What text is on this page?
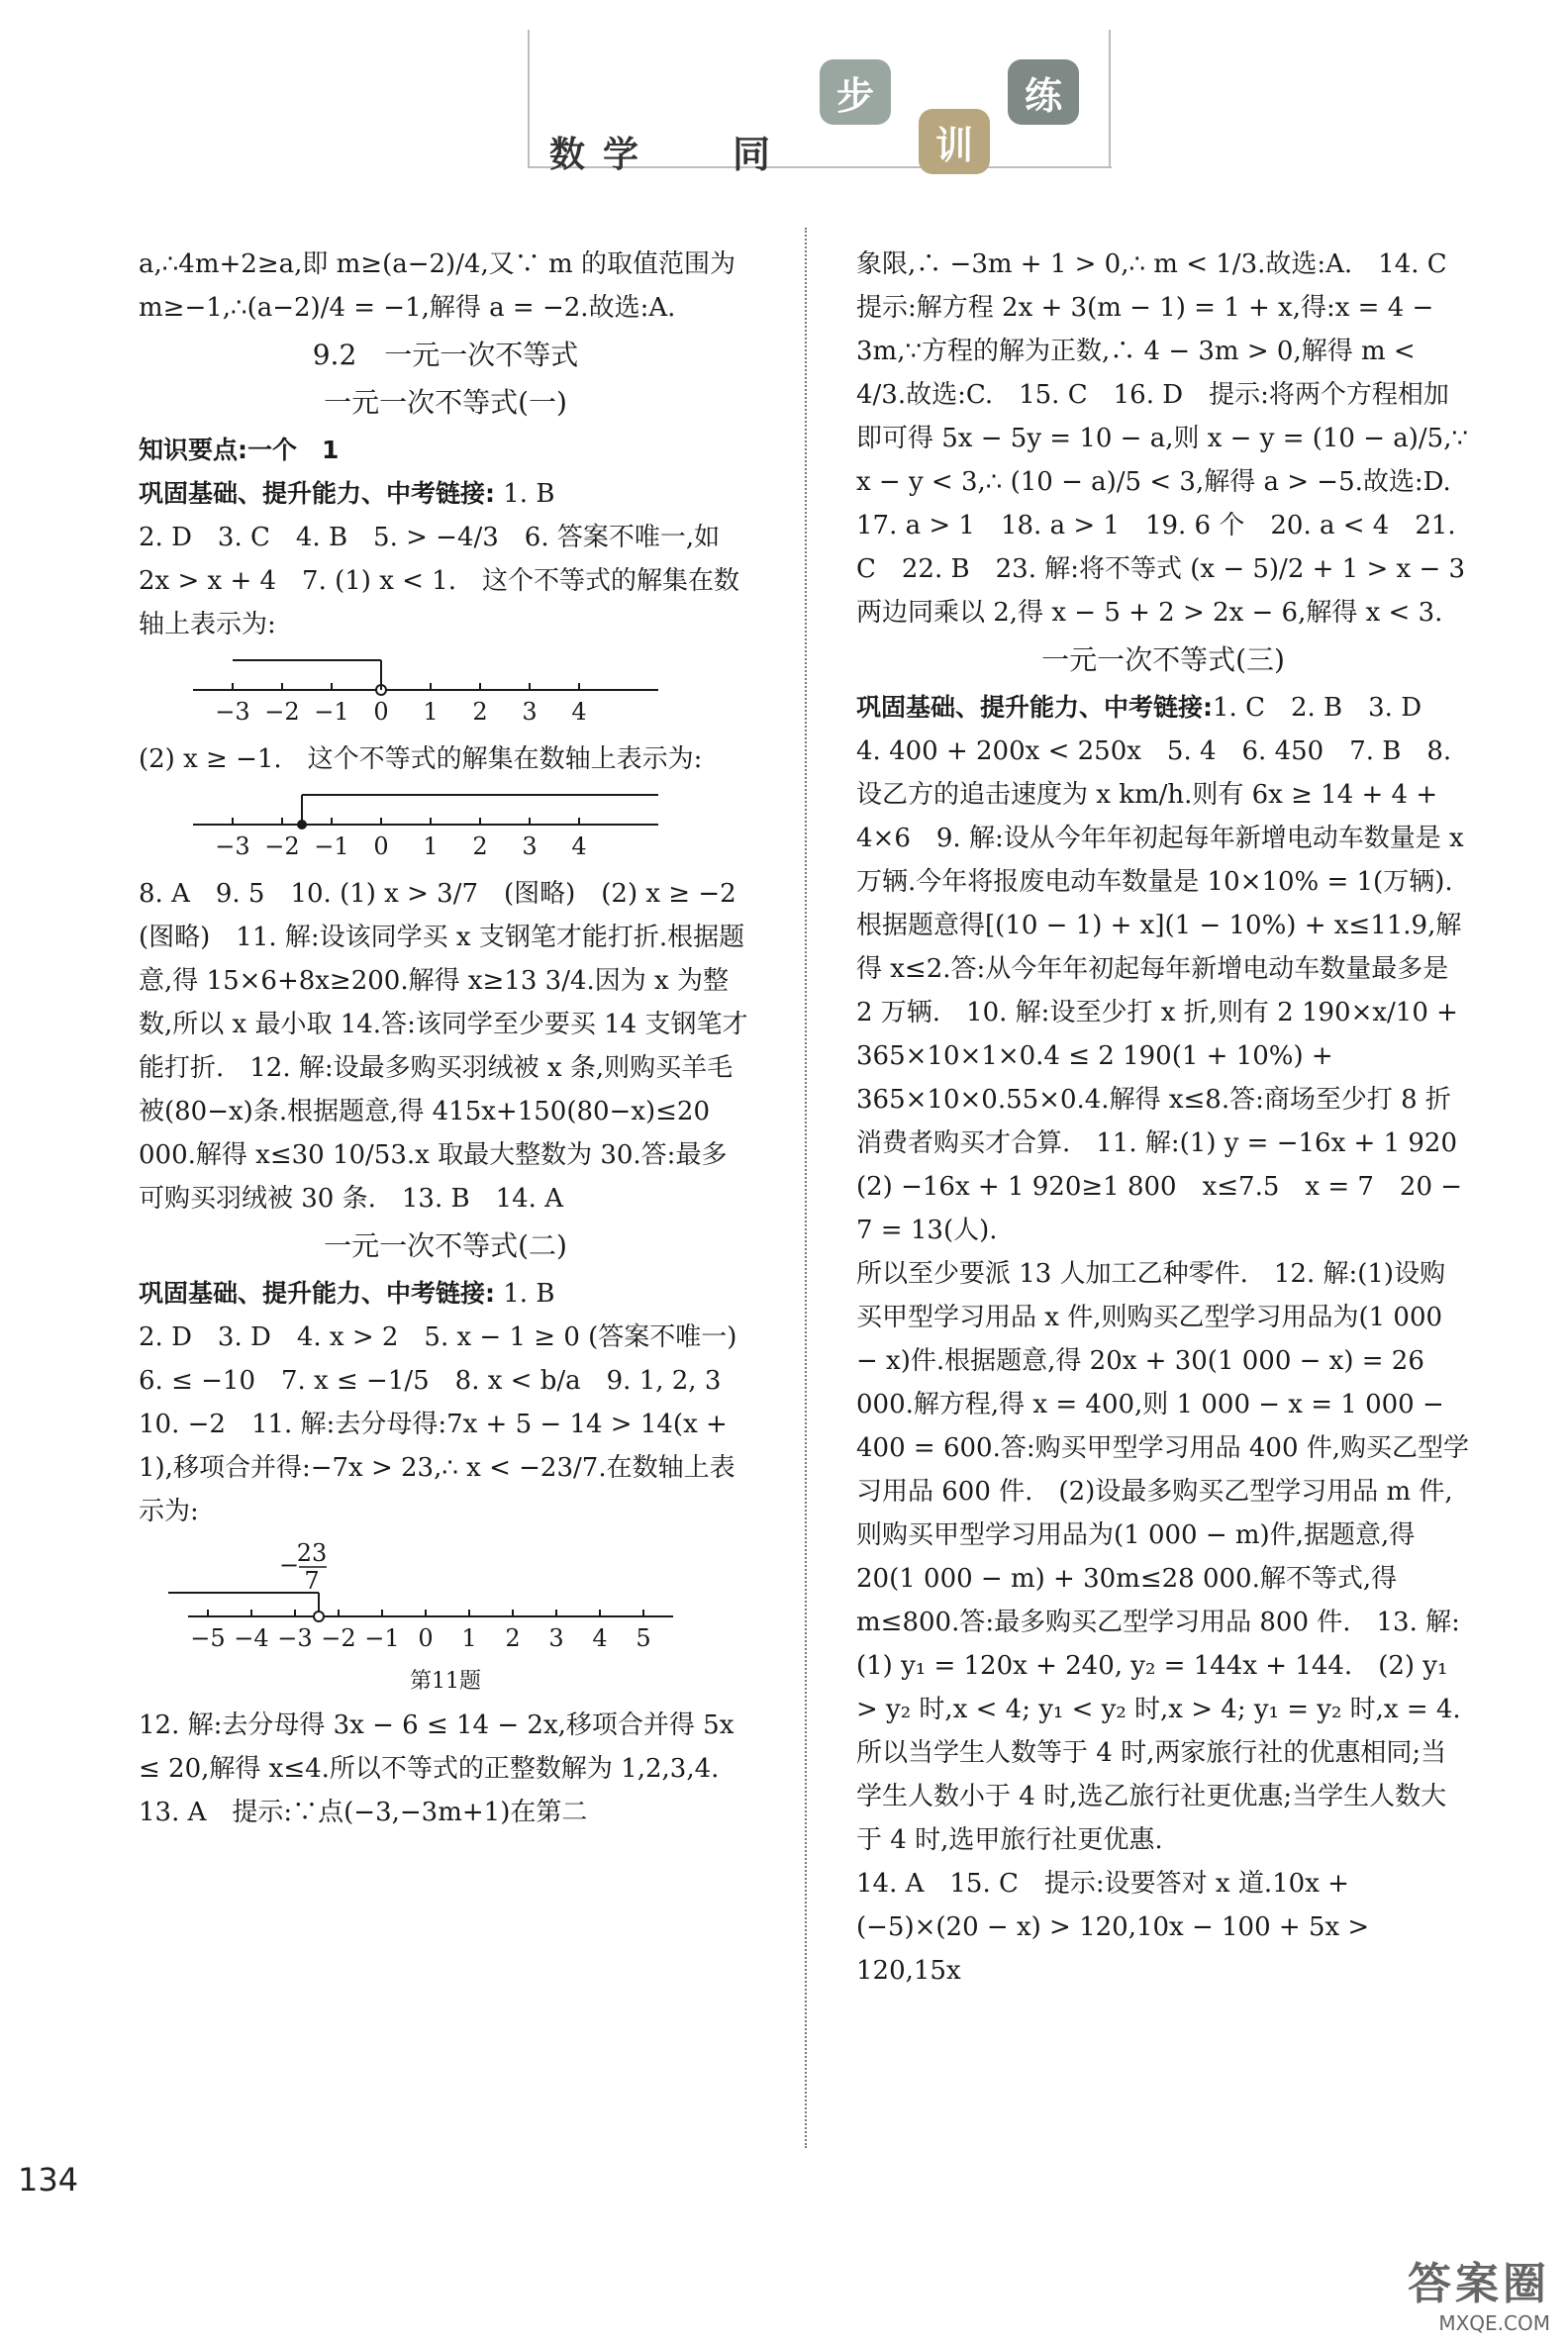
数学 同
步
训
练

a,∴4m+2≥a,即 m≥(a−2)/4,又∵ m 的取值范围为 m≥−1,∴(a−2)/4 = −1,解得 a = −2.故选:A.

9.2　一元一次不等式

一元一次不等式(一)

知识要点:一个　1

巩固基础、提升能力、中考链接: 1. B

2. D　3. C　4. B　5. > −4/3　6. 答案不唯一,如 2x > x + 4　7. (1) x < 1.　这个不等式的解集在数轴上表示为:

−3 −2 −1 0 1 2 3 4

(2) x ≥ −1.　这个不等式的解集在数轴上表示为:

−3 −2 −1 0 1 2 3 4

8. A　9. 5　10. (1) x > 3/7　(图略)　(2) x ≥ −2　(图略)　11. 解:设该同学买 x 支钢笔才能打折.根据题意,得 15×6+8x≥200.解得 x≥13 3/4.因为 x 为整数,所以 x 最小取 14.答:该同学至少要买 14 支钢笔才能打折.　12. 解:设最多购买羽绒被 x 条,则购买羊毛被(80−x)条.根据题意,得 415x+150(80−x)≤20 000.解得 x≤30 10/53.x 取最大整数为 30.答:最多可购买羽绒被 30 条.　13. B　14. A

一元一次不等式(二)

巩固基础、提升能力、中考链接: 1. B

2. D　3. D　4. x > 2　5. x − 1 ≥ 0 (答案不唯一)　6. ≤ −10　7. x ≤ −1/5　8. x < b/a　9. 1, 2, 3　10. −2　11. 解:去分母得:7x + 5 − 14 > 14(x + 1),移项合并得:−7x > 23,∴ x < −23/7.在数轴上表示为:

23
7
−
−5 −4 −3 −2 −1 0 1 2 3 4 5

第11题

12. 解:去分母得 3x − 6 ≤ 14 − 2x,移项合并得 5x ≤ 20,解得 x≤4.所以不等式的正整数解为 1,2,3,4.　13. A　提示:∵点(−3,−3m+1)在第二

象限,∴ −3m + 1 > 0,∴ m < 1/3.故选:A.　14. C　提示:解方程 2x + 3(m − 1) = 1 + x,得:x = 4 − 3m,∵方程的解为正数,∴ 4 − 3m > 0,解得 m < 4/3.故选:C.　15. C　16. D　提示:将两个方程相加即可得 5x − 5y = 10 − a,则 x − y = (10 − a)/5,∵ x − y < 3,∴ (10 − a)/5 < 3,解得 a > −5.故选:D.　17. a > 1　18. a > 1　19. 6 个　20. a < 4　21. C　22. B　23. 解:将不等式 (x − 5)/2 + 1 > x − 3 两边同乘以 2,得 x − 5 + 2 > 2x − 6,解得 x < 3.

一元一次不等式(三)

巩固基础、提升能力、中考链接:1. C　2. B　3. D　4. 400 + 200x < 250x　5. 4　6. 450　7. B　8. 设乙方的追击速度为 x km/h.则有 6x ≥ 14 + 4 + 4×6　9. 解:设从今年年初起每年新增电动车数量是 x 万辆.今年将报废电动车数量是 10×10% = 1(万辆).根据题意得[(10 − 1) + x](1 − 10%) + x≤11.9,解得 x≤2.答:从今年年初起每年新增电动车数量最多是 2 万辆.　10. 解:设至少打 x 折,则有 2 190×x/10 + 365×10×1×0.4 ≤ 2 190(1 + 10%) + 365×10×0.55×0.4.解得 x≤8.答:商场至少打 8 折消费者购买才合算.　11. 解:(1) y = −16x + 1 920　(2) −16x + 1 920≥1 800　x≤7.5　x = 7　20 − 7 = 13(人).

所以至少要派 13 人加工乙种零件.　12. 解:(1)设购买甲型学习用品 x 件,则购买乙型学习用品为(1 000 − x)件.根据题意,得 20x + 30(1 000 − x) = 26 000.解方程,得 x = 400,则 1 000 − x = 1 000 − 400 = 600.答:购买甲型学习用品 400 件,购买乙型学习用品 600 件.　(2)设最多购买乙型学习用品 m 件,则购买甲型学习用品为(1 000 − m)件,据题意,得 20(1 000 − m) + 30m≤28 000.解不等式,得 m≤800.答:最多购买乙型学习用品 800 件.　13. 解:(1) y₁ = 120x + 240, y₂ = 144x + 144.　(2) y₁ > y₂ 时,x < 4; y₁ < y₂ 时,x > 4; y₁ = y₂ 时,x = 4.所以当学生人数等于 4 时,两家旅行社的优惠相同;当学生人数小于 4 时,选乙旅行社更优惠;当学生人数大于 4 时,选甲旅行社更优惠.

14. A　15. C　提示:设要答对 x 道.10x + (−5)×(20 − x) > 120,10x − 100 + 5x > 120,15x

134
答案圈
MXQE.COM
